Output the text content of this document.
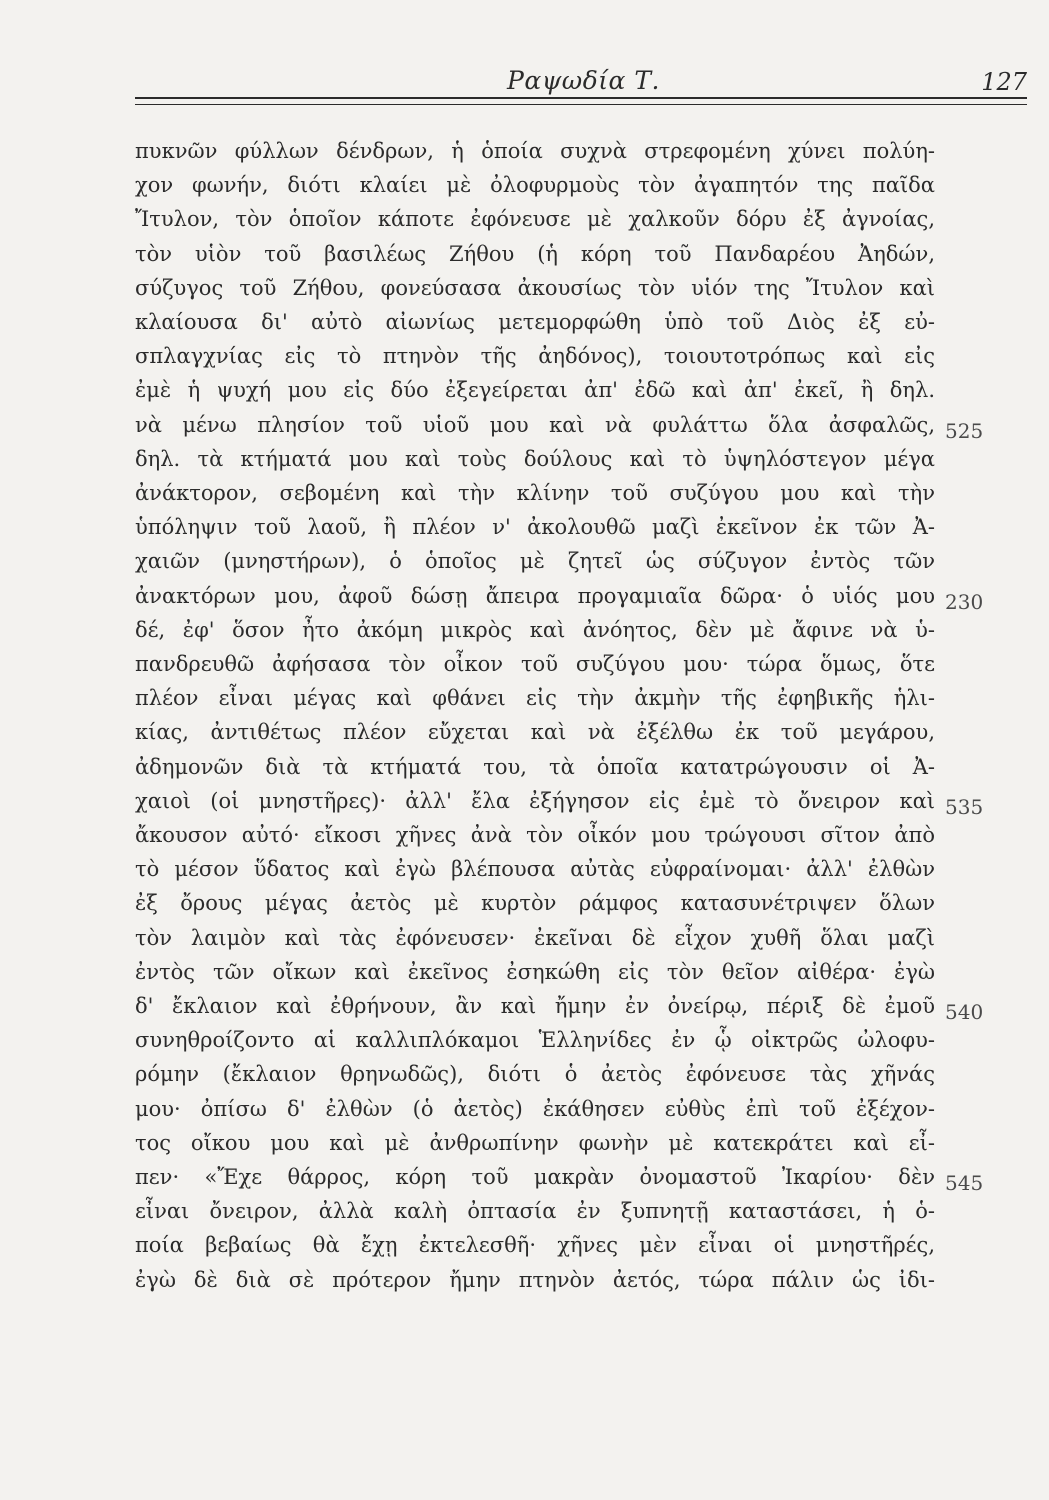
Ραψωδία Τ.	127
πυκνῶν φύλλων δένδρων, ἡ ὁποία συχνὰ στρεφομένη χύνει πολύη-
χον φωνήν, διότι κλαίει μὲ ὀλοφυρμοὺς τὸν ἀγαπητόν της παῖδα
Ἴτυλον, τὸν ὁποῖον κάποτε ἐφόνευσε μὲ χαλκοῦν δόρυ ἐξ ἀγνοίας,
τὸν υἱὸν τοῦ βασιλέως Ζήθου (ἡ κόρη τοῦ Πανδαρέου Ἀηδών,
σύζυγος τοῦ Ζήθου, φονεύσασα ἀκουσίως τὸν υἱόν της Ἴτυλον καὶ
κλαίουσα δι' αὐτὸ αἰωνίως μετεμορφώθη ὑπὸ τοῦ Διὸς ἐξ εὐ-
σπλαγχνίας εἰς τὸ πτηνὸν τῆς ἀηδόνος), τοιουτοτρόπως καὶ εἰς
ἐμὲ ἡ ψυχή μου εἰς δύο ἐξεγείρεται ἀπ' ἐδῶ καὶ ἀπ' ἐκεῖ, ἢ δηλ.
νὰ μένω πλησίον τοῦ υἱοῦ μου καὶ νὰ φυλάττω ὅλα ἀσφαλῶς,
δηλ. τὰ κτήματά μου καὶ τοὺς δούλους καὶ τὸ ὑψηλόστεγον μέγα
ἀνάκτορον, σεβομένη καὶ τὴν κλίνην τοῦ συζύγου μου καὶ τὴν
ὑπόληψιν τοῦ λαοῦ, ἢ πλέον ν' ἀκολουθῶ μαζὶ ἐκεῖνον ἐκ τῶν Ἀ-
χαιῶν (μνηστήρων), ὁ ὁποῖος μὲ ζητεῖ ὡς σύζυγον ἐντὸς τῶν
ἀνακτόρων μου, ἀφοῦ δώσῃ ἄπειρα προγαμιαῖα δῶρα· ὁ υἱός μου
δέ, ἐφ' ὅσον ἦτο ἀκόμη μικρὸς καὶ ἀνόητος, δὲν μὲ ἄφινε νὰ ὑ-
πανδρευθῶ ἀφήσασα τὸν οἶκον τοῦ συζύγου μου· τώρα ὅμως, ὅτε
πλέον εἶναι μέγας καὶ φθάνει εἰς τὴν ἀκμὴν τῆς ἐφηβικῆς ἡλι-
κίας, ἀντιθέτως πλέον εὔχεται καὶ νὰ ἐξέλθω ἐκ τοῦ μεγάρου,
ἀδημονῶν διὰ τὰ κτήματά του, τὰ ὁποῖα κατατρώγουσιν οἱ Ἀ-
χαιοὶ (οἱ μνηστῆρες)· ἀλλ' ἔλα ἐξήγησον εἰς ἐμὲ τὸ ὄνειρον καὶ
ἄκουσον αὐτό· εἴκοσι χῆνες ἀνὰ τὸν οἶκόν μου τρώγουσι σῖτον ἀπὸ
τὸ μέσον ὕδατος καὶ ἐγὼ βλέπουσα αὐτὰς εὐφραίνομαι· ἀλλ' ἐλθὼν
ἐξ ὄρους μέγας ἀετὸς μὲ κυρτὸν ράμφος κατασυνέτριψεν ὅλων
τὸν λαιμὸν καὶ τὰς ἐφόνευσεν· ἐκεῖναι δὲ εἶχον χυθῆ ὅλαι μαζὶ
ἐντὸς τῶν οἴκων καὶ ἐκεῖνος ἐσηκώθη εἰς τὸν θεῖον αἰθέρα· ἐγὼ
δ' ἔκλαιον καὶ ἐθρήνουν, ἂν καὶ ἤμην ἐν ὀνείρῳ, πέριξ δὲ ἐμοῦ
συνηθροίζοντο αἱ καλλιπλόκαμοι Ἑλληνίδες ἐν ᾧ οἰκτρῶς ὠλοφυ-
ρόμην (ἔκλαιον θρηνωδῶς), διότι ὁ ἀετὸς ἐφόνευσε τὰς χῆνάς
μου· ὀπίσω δ' ἐλθὼν (ὁ ἀετὸς) ἐκάθησεν εὐθὺς ἐπὶ τοῦ ἐξέχον-
τος οἴκου μου καὶ μὲ ἀνθρωπίνην φωνὴν μὲ κατεκράτει καὶ εἶ-
πεν· «Ἔχε θάρρος, κόρη τοῦ μακρὰν ὀνομαστοῦ Ἰκαρίου· δὲν
εἶναι ὄνειρον, ἀλλὰ καλὴ ὀπτασία ἐν ξυπνητῇ καταστάσει, ἡ ὁ-
ποία βεβαίως θὰ ἔχῃ ἐκτελεσθῆ· χῆνες μὲν εἶναι οἱ μνηστῆρές,
ἐγὼ δὲ διὰ σὲ πρότερον ἤμην πτηνὸν ἀετός, τώρα πάλιν ὡς ἰδι-
525
230
535
540
545
